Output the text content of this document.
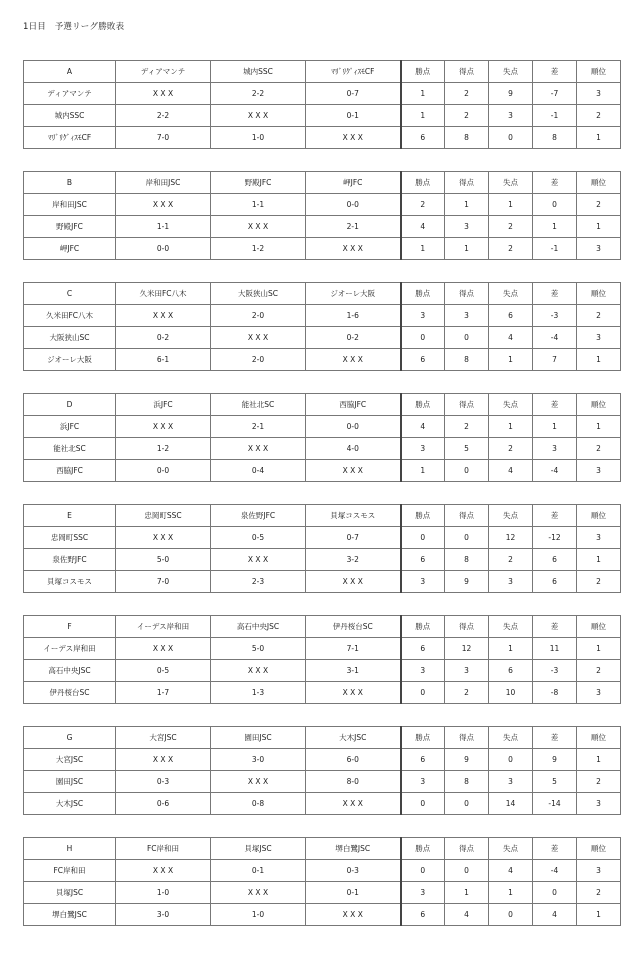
1日目　予選リーグ勝敗表
A	ディアマンテ	城内SSC	ﾏﾘﾞﾘｸﾞｨｽﾓCF	勝点	得点	失点	差	順位
ディアマンテ	X X X	2-2	0-7	1	2	9	-7	3
城内SSC	2-2	X X X	0-1	1	2	3	-1	2
ﾏﾘﾞﾘｸﾞｨｽﾓCF	7-0	1-0	X X X	6	8	0	8	1
B	岸和田JSC	野殿JFC	岬JFC	勝点	得点	失点	差	順位
岸和田JSC	X X X	1-1	0-0	2	1	1	0	2
野殿JFC	1-1	X X X	2-1	4	3	2	1	1
岬JFC	0-0	1-2	X X X	1	1	2	-1	3
C	久米田FC八木	大阪狭山SC	ジオーレ大阪	勝点	得点	失点	差	順位
久米田FC八木	X X X	2-0	1-6	3	3	6	-3	2
大阪狭山SC	0-2	X X X	0-2	0	0	4	-4	3
ジオーレ大阪	6-1	2-0	X X X	6	8	1	7	1
D	浜JFC	能社北SC	西脇JFC	勝点	得点	失点	差	順位
浜JFC	X X X	2-1	0-0	4	2	1	1	1
能社北SC	1-2	X X X	4-0	3	5	2	3	2
西脇JFC	0-0	0-4	X X X	1	0	4	-4	3
E	忠岡町SSC	泉佐野JFC	貝塚コスモス	勝点	得点	失点	差	順位
忠岡町SSC	X X X	0-5	0-7	0	0	12	-12	3
泉佐野JFC	5-0	X X X	3-2	6	8	2	6	1
貝塚コスモス	7-0	2-3	X X X	3	9	3	6	2
F	イーデス岸和田	高石中央JSC	伊丹桜台SC	勝点	得点	失点	差	順位
イーデス岸和田	X X X	5-0	7-1	6	12	1	11	1
高石中央JSC	0-5	X X X	3-1	3	3	6	-3	2
伊丹桜台SC	1-7	1-3	X X X	0	2	10	-8	3
G	大宮JSC	園田JSC	大木JSC	勝点	得点	失点	差	順位
大宮JSC	X X X	3-0	6-0	6	9	0	9	1
園田JSC	0-3	X X X	8-0	3	8	3	5	2
大木JSC	0-6	0-8	X X X	0	0	14	-14	3
H	FC岸和田	貝塚JSC	堺白鷺JSC	勝点	得点	失点	差	順位
FC岸和田	X X X	0-1	0-3	0	0	4	-4	3
貝塚JSC	1-0	X X X	0-1	3	1	1	0	2
堺白鷺JSC	3-0	1-0	X X X	6	4	0	4	1
